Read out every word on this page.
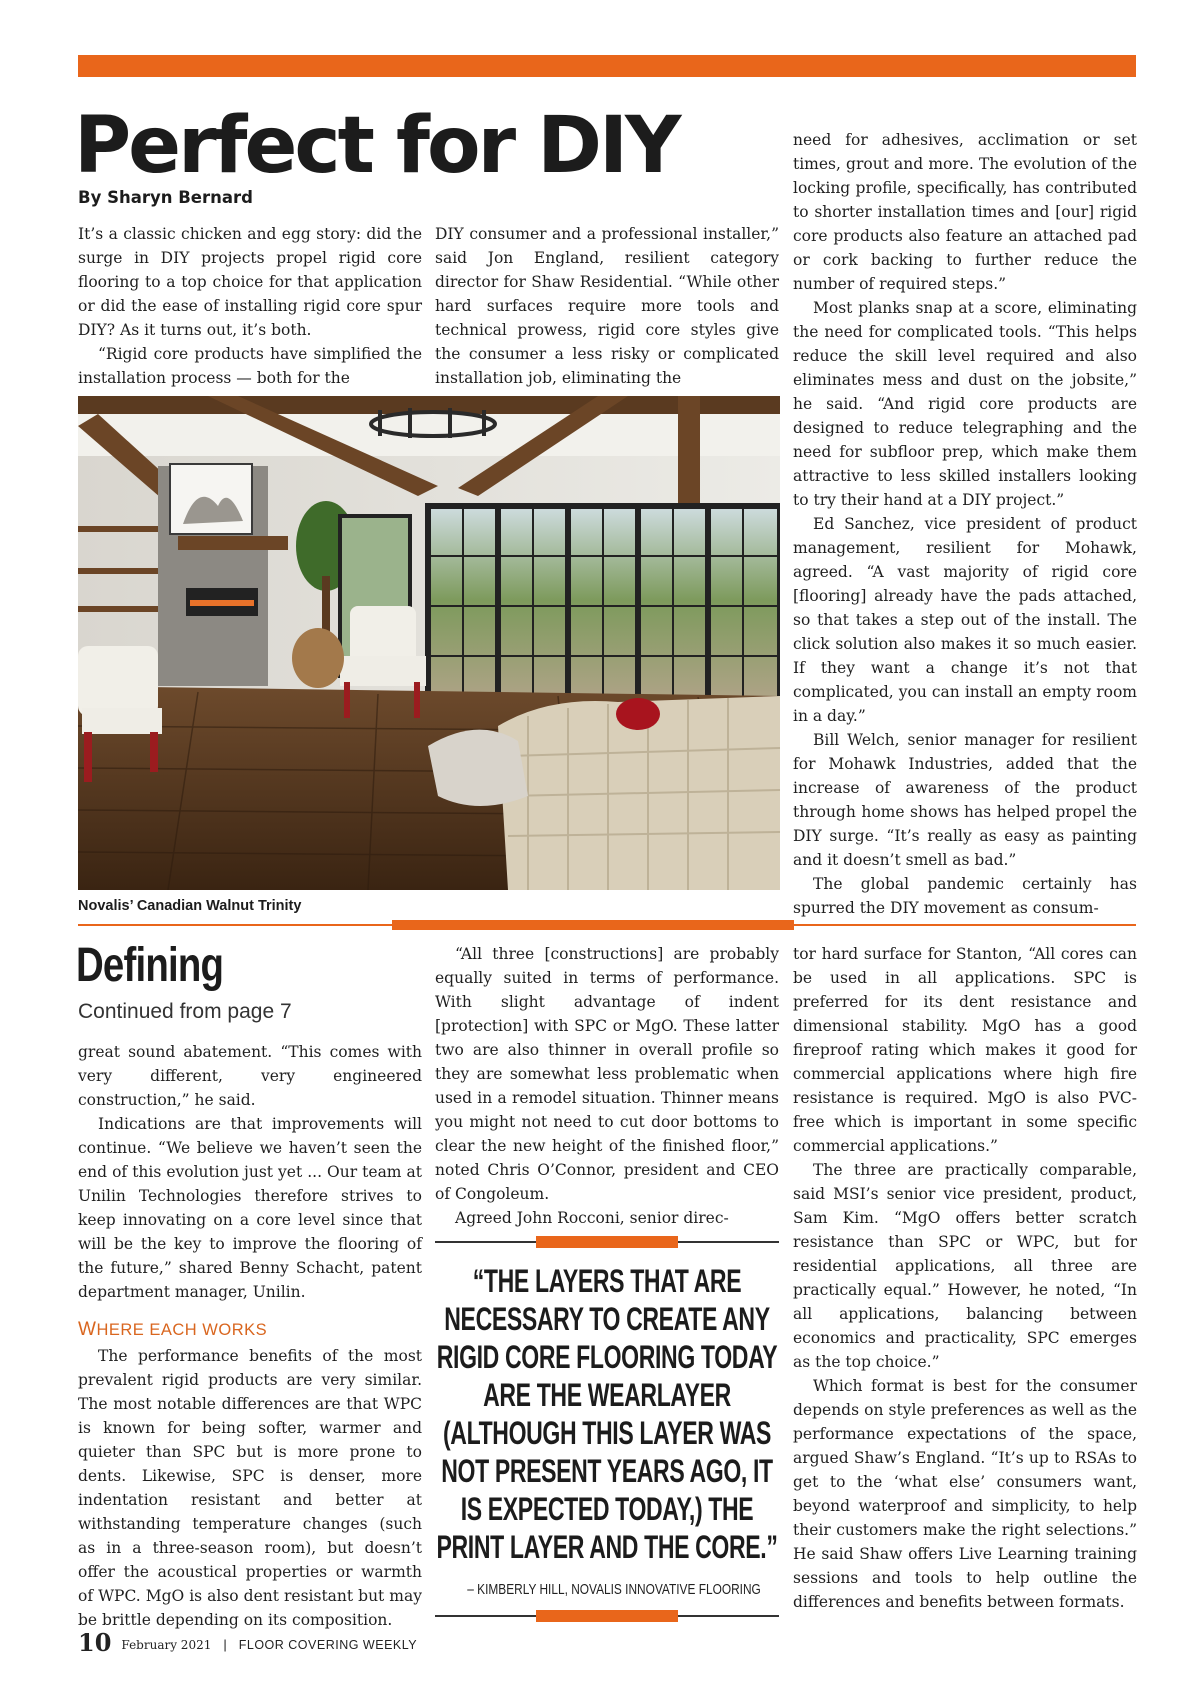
Perfect for DIY
By Sharyn Bernard

It’s a classic chicken and egg story: did the surge in DIY projects propel rigid core flooring to a top choice for that application or did the ease of installing rigid core spur DIY? As it turns out, it’s both.

“Rigid core products have simplified the installation process — both for the

DIY consumer and a professional installer,” said Jon England, resilient category director for Shaw Residential. “While other hard surfaces require more tools and technical prowess, rigid core styles give the consumer a less risky or complicated installation job, eliminating the

need for adhesives, acclimation or set times, grout and more. The evolution of the locking profile, specifically, has contributed to shorter installation times and [our] rigid core products also feature an attached pad or cork backing to further reduce the number of required steps.”

Most planks snap at a score, eliminating the need for complicated tools. “This helps reduce the skill level required and also eliminates mess and dust on the jobsite,” he said. “And rigid core products are designed to reduce telegraphing and the need for subfloor prep, which make them attractive to less skilled installers looking to try their hand at a DIY project.”

Ed Sanchez, vice president of product management, resilient for Mohawk, agreed. “A vast majority of rigid core [flooring] already have the pads attached, so that takes a step out of the install. The click solution also makes it so much easier. If they want a change it’s not that complicated, you can install an empty room in a day.”

Bill Welch, senior manager for resilient for Mohawk Industries, added that the increase of awareness of the product through home shows has helped propel the DIY surge. “It’s really as easy as painting and it doesn’t smell as bad.”

The global pandemic certainly has spurred the DIY movement as consum-

Novalis’ Canadian Walnut Trinity
Defining
Continued from page 7

great sound abatement. “This comes with very different, very engineered construction,” he said.

Indications are that improvements will continue. “We believe we haven’t seen the end of this evolution just yet ... Our team at Unilin Technologies therefore strives to keep innovating on a core level since that will be the key to improve the flooring of the future,” shared Benny Schacht, patent department manager, Unilin.

WHERE EACH WORKS

The performance benefits of the most prevalent rigid products are very similar. The most notable differences are that WPC is known for being softer, warmer and quieter than SPC but is more prone to dents. Likewise, SPC is denser, more indentation resistant and better at withstanding temperature changes (such as in a three-season room), but doesn’t offer the acoustical properties or warmth of WPC. MgO is also dent resistant but may be brittle depending on its composition.

“All three [constructions] are probably equally suited in terms of performance. With slight advantage of indent [protection] with SPC or MgO. These latter two are also thinner in overall profile so they are somewhat less problematic when used in a remodel situation. Thinner means you might not need to cut door bottoms to clear the new height of the finished floor,” noted Chris O’Connor, president and CEO of Congoleum.

Agreed John Rocconi, senior direc-

“THE LAYERS THAT ARE NECESSARY TO CREATE ANY RIGID CORE FLOORING TODAY ARE THE WEARLAYER (ALTHOUGH THIS LAYER WAS NOT PRESENT YEARS AGO, IT IS EXPECTED TODAY,) THE PRINT LAYER AND THE CORE.”
– KIMBERLY HILL, NOVALIS INNOVATIVE FLOORING

tor hard surface for Stanton, “All cores can be used in all applications. SPC is preferred for its dent resistance and dimensional stability. MgO has a good fireproof rating which makes it good for commercial applications where high fire resistance is required. MgO is also PVC-free which is important in some specific commercial applications.”

The three are practically comparable, said MSI’s senior vice president, product, Sam Kim. “MgO offers better scratch resistance than SPC or WPC, but for residential applications, all three are practically equal.” However, he noted, “In all applications, balancing between economics and practicality, SPC emerges as the top choice.”

Which format is best for the consumer depends on style preferences as well as the performance expectations of the space, argued Shaw’s England. “It’s up to RSAs to get to the ‘what else’ consumers want, beyond waterproof and simplicity, to help their customers make the right selections.” He said Shaw offers Live Learning training sessions and tools to help outline the differences and benefits between formats.

10 February 2021 | FLOOR COVERING WEEKLY
